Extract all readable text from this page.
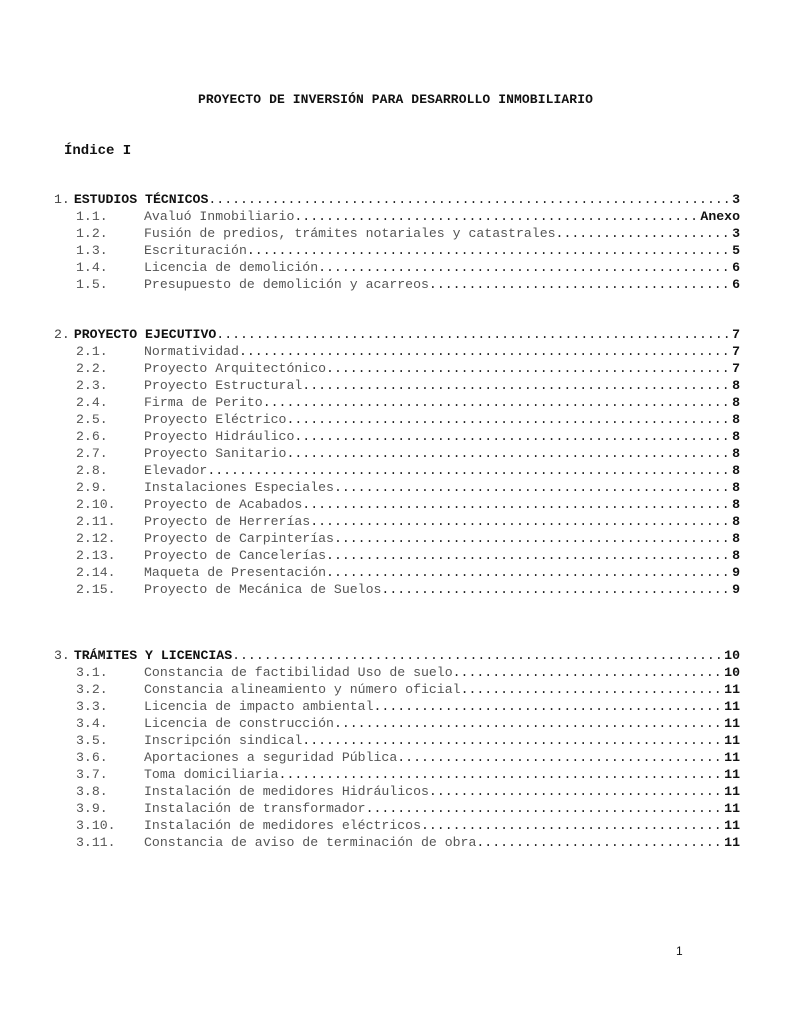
PROYECTO DE INVERSIÓN PARA DESARROLLO INMOBILIARIO
Índice I
1. ESTUDIOS TÉCNICOS .....	3
1.1.	Avaluó Inmobiliario .....	Anexo
1.2.	Fusión de predios, trámites notariales y catastrales .....	3
1.3.	Escrituración .....	5
1.4.	Licencia de demolición .....	6
1.5.	Presupuesto de demolición y acarreos .....	6
2. PROYECTO EJECUTIVO .....	7
2.1.	Normatividad .....	7
2.2.	Proyecto Arquitectónico .....	7
2.3.	Proyecto Estructural .....	8
2.4.	Firma de Perito .....	8
2.5.	Proyecto Eléctrico .....	8
2.6.	Proyecto Hidráulico .....	8
2.7.	Proyecto Sanitario .....	8
2.8.	Elevador .....	8
2.9.	Instalaciones Especiales .....	8
2.10.	Proyecto de Acabados .....	8
2.11.	Proyecto de Herrerías .....	8
2.12.	Proyecto de Carpinterías .....	8
2.13.	Proyecto de Cancelerías .....	8
2.14.	Maqueta de Presentación .....	9
2.15.	Proyecto de Mecánica de Suelos .....	9
3. TRÁMITES Y LICENCIAS .....	10
3.1.	Constancia de factibilidad Uso de suelo .....	10
3.2.	Constancia alineamiento y número oficial .....	11
3.3.	Licencia de impacto ambiental .....	11
3.4.	Licencia de construcción .....	11
3.5.	Inscripción sindical .....	11
3.6.	Aportaciones a seguridad Pública .....	11
3.7.	Toma domiciliaria .....	11
3.8.	Instalación de medidores Hidráulicos .....	11
3.9.	Instalación de transformador .....	11
3.10.	Instalación de medidores eléctricos .....	11
3.11.	Constancia de aviso de terminación de obra .....	11
1
